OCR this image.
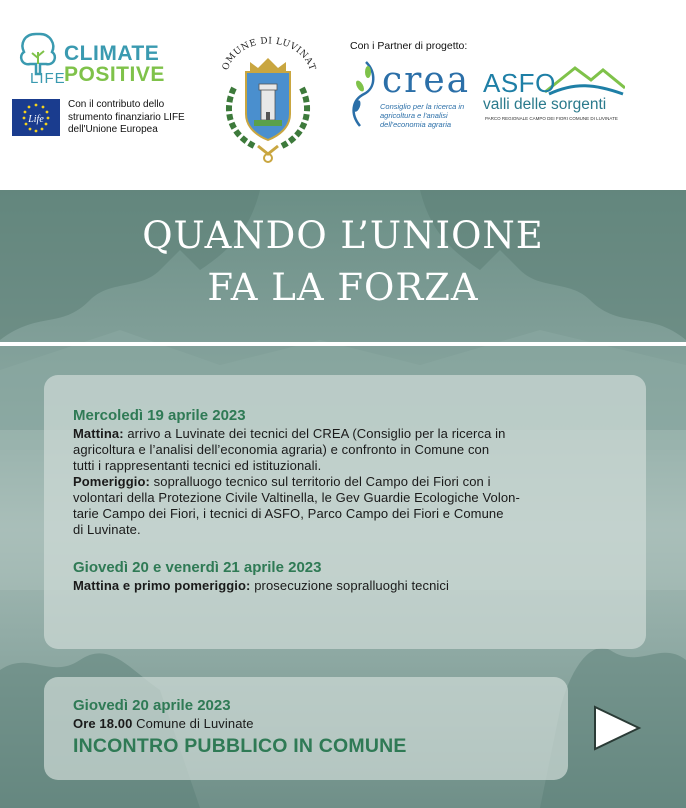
LIFE
CLIMATE
POSITIVE
Life
Con il contributo dello strumento finanziario LIFE dell'Unione Europea
OMUNE DI LUVINAT
Con i Partner di progetto:
crea
Consiglio per la ricerca in agricoltura e l'analisi dell'economia agraria
ASFO
valli delle sorgenti
PARCO REGIONALE CAMPO DEI FIORI COMUNE DI LUVINATE
QUANDO L’UNIONE
FA LA FORZA
Mercoledì 19 aprile 2023
Mattina: arrivo a Luvinate dei tecnici del CREA (Consiglio per la ricerca in
agricoltura e l’analisi dell’economia agraria) e confronto in Comune con
tutti i rappresentanti tecnici ed istituzionali.
Pomeriggio: sopralluogo tecnico sul territorio del Campo dei Fiori con i
volontari della Protezione Civile Valtinella, le Gev Guardie Ecologiche Volon-
tarie Campo dei Fiori, i tecnici di ASFO, Parco Campo dei Fiori e Comune
di Luvinate.
Giovedì 20 e venerdì 21 aprile 2023
Mattina e primo pomeriggio: prosecuzione sopralluoghi tecnici
Giovedì 20 aprile 2023
Ore 18.00 Comune di Luvinate
INCONTRO PUBBLICO IN COMUNE
